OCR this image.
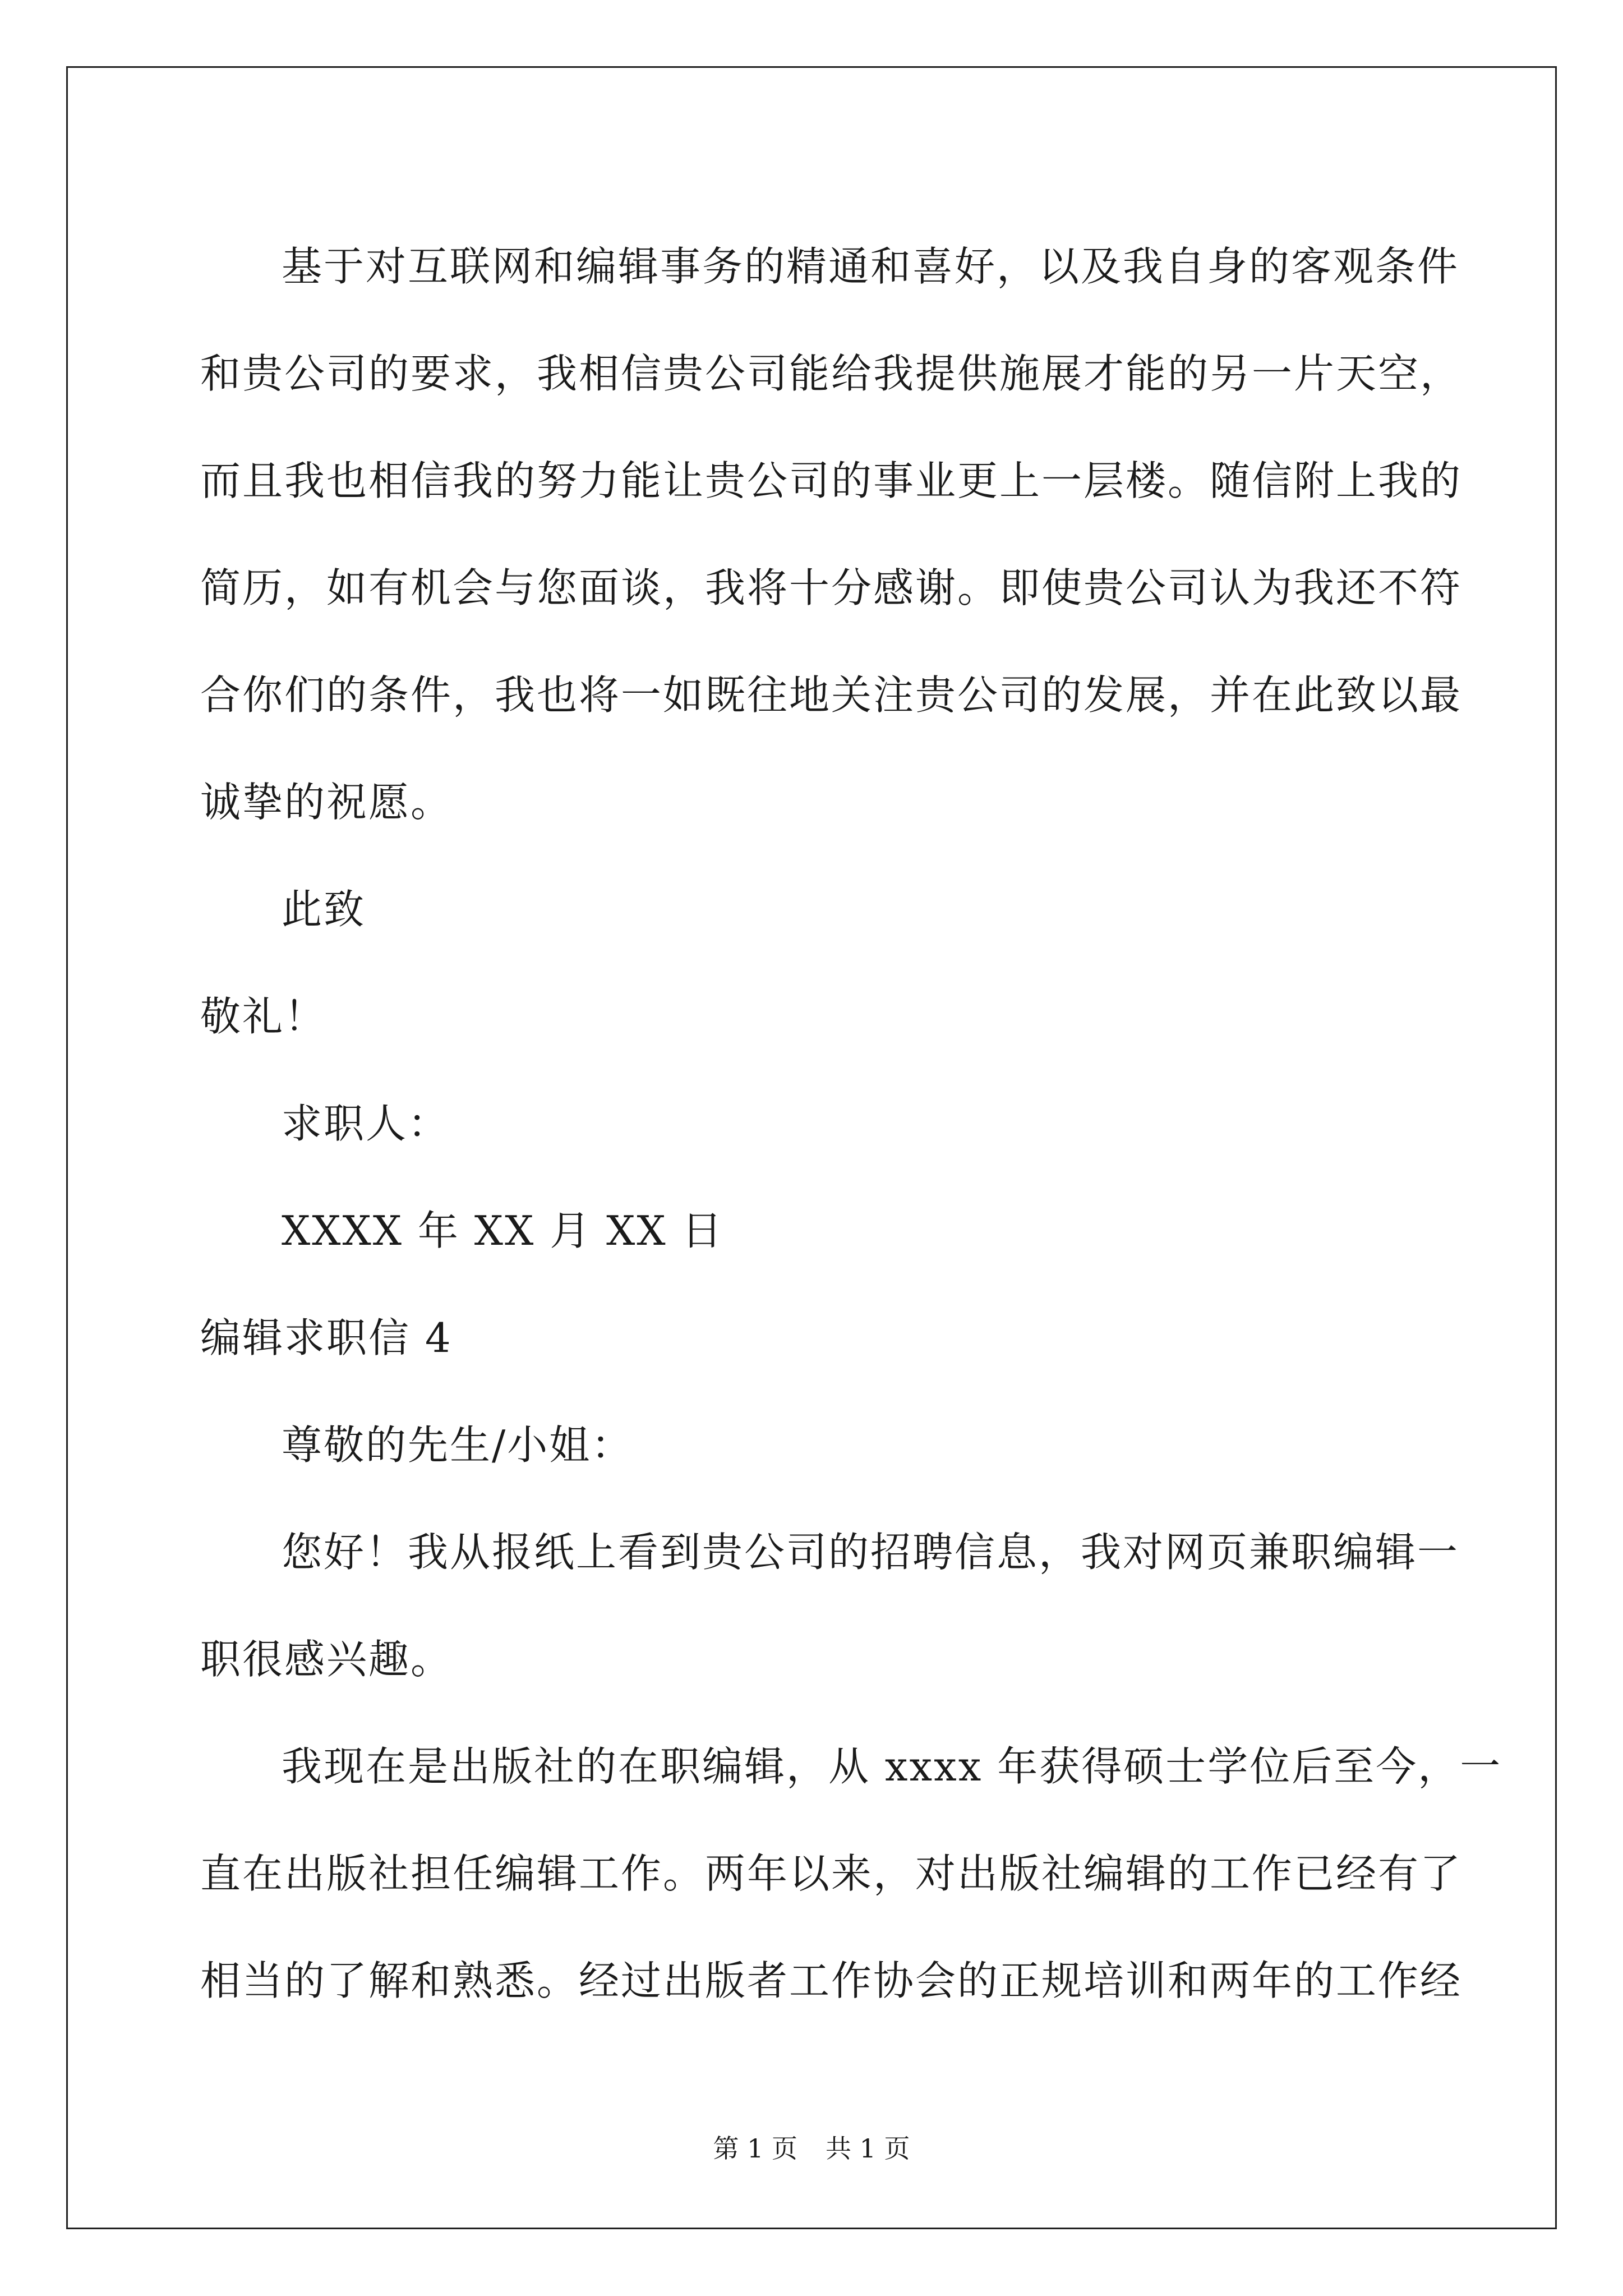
基于对互联网和编辑事务的精通和喜好，以及我自身的客观条件
和贵公司的要求，我相信贵公司能给我提供施展才能的另一片天空，
而且我也相信我的努力能让贵公司的事业更上一层楼。随信附上我的
简历，如有机会与您面谈，我将十分感谢。即使贵公司认为我还不符
合你们的条件，我也将一如既往地关注贵公司的发展，并在此致以最
诚挚的祝愿。
此致
敬礼！
求职人：
XXXX 年 XX 月 XX 日
编辑求职信 4
尊敬的先生/小姐：
您好！我从报纸上看到贵公司的招聘信息，我对网页兼职编辑一
职很感兴趣。
我现在是出版社的在职编辑，从 xxxx 年获得硕士学位后至今，一
直在出版社担任编辑工作。两年以来，对出版社编辑的工作已经有了
相当的了解和熟悉。经过出版者工作协会的正规培训和两年的工作经
第 1 页 共 1 页
